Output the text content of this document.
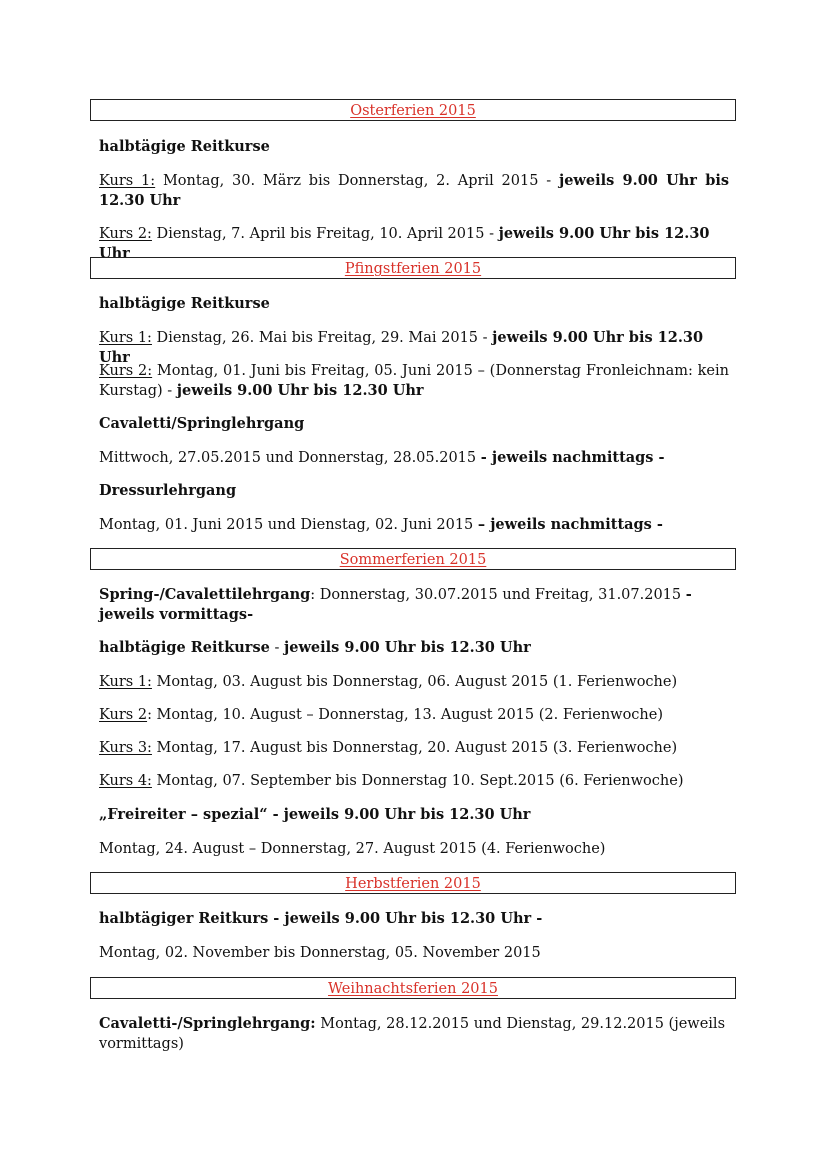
Osterferien 2015

halbtägige Reitkurse

Kurs 1: Montag, 30. März bis Donnerstag, 2. April 2015 - jeweils 9.00 Uhr bis 12.30 Uhr

Kurs 2: Dienstag, 7. April bis Freitag, 10. April 2015 - jeweils 9.00 Uhr bis 12.30 Uhr

Pfingstferien 2015

halbtägige Reitkurse

Kurs 1: Dienstag, 26. Mai bis Freitag, 29. Mai 2015 - jeweils 9.00 Uhr bis 12.30 Uhr

Kurs 2: Montag, 01. Juni bis Freitag, 05. Juni 2015 – (Donnerstag Fronleichnam: kein Kurstag) - jeweils 9.00 Uhr bis 12.30 Uhr

Cavaletti/Springlehrgang

Mittwoch, 27.05.2015 und Donnerstag, 28.05.2015 - jeweils nachmittags -

Dressurlehrgang

Montag, 01. Juni 2015 und Dienstag, 02. Juni 2015 – jeweils nachmittags -

Sommerferien 2015

Spring-/Cavalettilehrgang: Donnerstag, 30.07.2015 und Freitag, 31.07.2015 - jeweils vormittags-

halbtägige Reitkurse - jeweils 9.00 Uhr bis 12.30 Uhr

Kurs 1: Montag, 03. August bis Donnerstag, 06. August 2015 (1. Ferienwoche)

Kurs 2: Montag, 10. August – Donnerstag, 13. August 2015 (2. Ferienwoche)

Kurs 3: Montag, 17. August bis Donnerstag, 20. August 2015 (3. Ferienwoche)

Kurs 4: Montag, 07. September bis Donnerstag 10. Sept.2015 (6. Ferienwoche)

„Freireiter – spezial“ - jeweils 9.00 Uhr bis 12.30 Uhr

Montag, 24. August – Donnerstag, 27. August 2015 (4. Ferienwoche)

Herbstferien 2015

halbtägiger Reitkurs - jeweils 9.00 Uhr bis 12.30 Uhr -

Montag, 02. November bis Donnerstag, 05. November 2015

Weihnachtsferien 2015

Cavaletti-/Springlehrgang: Montag, 28.12.2015 und Dienstag, 29.12.2015 (jeweils vormittags)
